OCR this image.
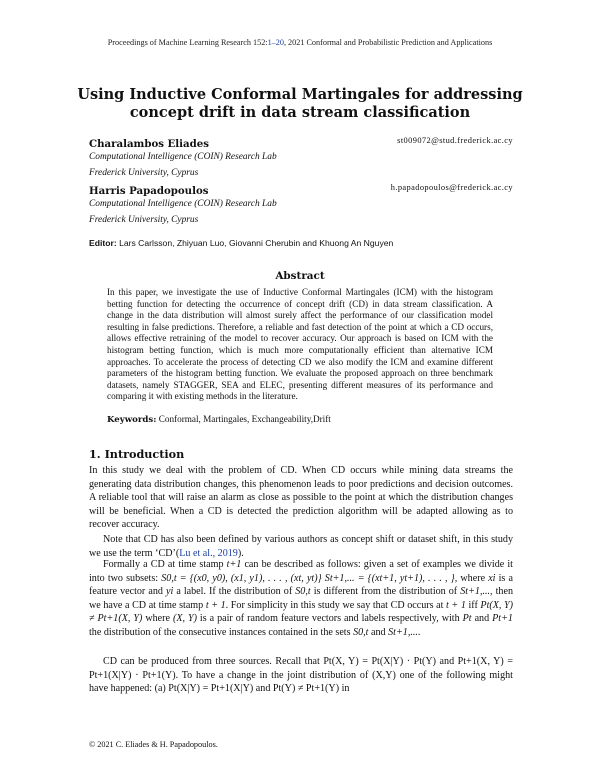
Proceedings of Machine Learning Research 152:1–20, 2021 Conformal and Probabilistic Prediction and Applications
Using Inductive Conformal Martingales for addressing
concept drift in data stream classification
Charalambos Eliades	st009072@stud.frederick.ac.cy
Computational Intelligence (COIN) Research Lab
Frederick University, Cyprus
Harris Papadopoulos	h.papadopoulos@frederick.ac.cy
Computational Intelligence (COIN) Research Lab
Frederick University, Cyprus
Editor: Lars Carlsson, Zhiyuan Luo, Giovanni Cherubin and Khuong An Nguyen
Abstract
In this paper, we investigate the use of Inductive Conformal Martingales (ICM) with the histogram betting function for detecting the occurrence of concept drift (CD) in data stream classification. A change in the data distribution will almost surely affect the performance of our classification model resulting in false predictions. Therefore, a reliable and fast detection of the point at which a CD occurs, allows effective retraining of the model to recover accuracy. Our approach is based on ICM with the histogram betting function, which is much more computationally efficient than alternative ICM approaches. To accelerate the process of detecting CD we also modify the ICM and examine different parameters of the histogram betting function. We evaluate the proposed approach on three benchmark datasets, namely STAGGER, SEA and ELEC, presenting different measures of its performance and comparing it with existing methods in the literature.
Keywords: Conformal, Martingales, Exchangeability,Drift
1. Introduction
In this study we deal with the problem of CD. When CD occurs while mining data streams the generating data distribution changes, this phenomenon leads to poor predictions and decision outcomes. A reliable tool that will raise an alarm as close as possible to the point at which the distribution changes will be beneficial. When a CD is detected the prediction algorithm will be adapted allowing as to recover accuracy.
Note that CD has also been defined by various authors as concept shift or dataset shift, in this study we use the term ‘CD’(Lu et al., 2019).
Formally a CD at time stamp t+1 can be described as follows: given a set of examples we divide it into two subsets: S0,t = {(x0, y0), (x1, y1), . . . , (xt, yt)} St+1,... = {(xt+1, yt+1), . . . , }, where xi is a feature vector and yi a label. If the distribution of S0,t is different from the distribution of St+1,..., then we have a CD at time stamp t + 1. For simplicity in this study we say that CD occurs at t + 1 iff Pt(X, Y) ≠ Pt+1(X, Y) where (X, Y) is a pair of random feature vectors and labels respectively, with Pt and Pt+1 the distribution of the consecutive instances contained in the sets S0,t and St+1,....
CD can be produced from three sources. Recall that Pt(X, Y) = Pt(X|Y) · Pt(Y) and Pt+1(X, Y) = Pt+1(X|Y) · Pt+1(Y). To have a change in the joint distribution of (X,Y) one of the following might have happened: (a) Pt(X|Y) = Pt+1(X|Y) and Pt(Y) ≠ Pt+1(Y) in
© 2021 C. Eliades & H. Papadopoulos.
